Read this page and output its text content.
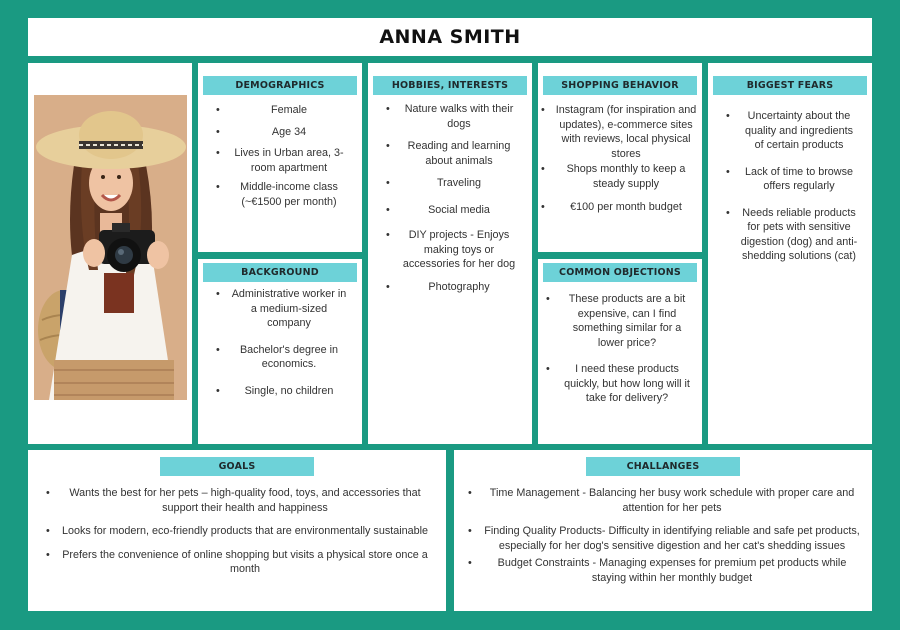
ANNA SMITH
DEMOGRAPHICS
• Female
• Age 34
• Lives in Urban area, 3-room apartment
• Middle-income class (~€1500 per month)
BACKGROUND
• Administrative worker in a medium-sized company
• Bachelor's degree in economics.
• Single, no children
HOBBIES, INTERESTS
• Nature walks with their dogs
• Reading and learning about animals
• Traveling
• Social media
• DIY projects - Enjoys making toys or accessories for her dog
• Photography
SHOPPING BEHAVIOR
• Instagram (for inspiration and updates), e-commerce sites with reviews, local physical stores
• Shops monthly to keep a steady supply
• €100 per month budget
COMMON OBJECTIONS
• These products are a bit expensive, can I find something similar for a lower price?
• I need these products quickly, but how long will it take for delivery?
BIGGEST FEARS
• Uncertainty about the quality and ingredients of certain products
• Lack of time to browse offers regularly
• Needs reliable products for pets with sensitive digestion (dog) and anti-shedding solutions (cat)
GOALS
• Wants the best for her pets – high-quality food, toys, and accessories that support their health and happiness
• Looks for modern, eco-friendly products that are environmentally sustainable
• Prefers the convenience of online shopping but visits a physical store once a month
CHALLANGES
• Time Management - Balancing her busy work schedule with proper care and attention for her pets
• Finding Quality Products- Difficulty in identifying reliable and safe pet products, especially for her dog's sensitive digestion and her cat's shedding issues
• Budget Constraints - Managing expenses for premium pet products while staying within her monthly budget
